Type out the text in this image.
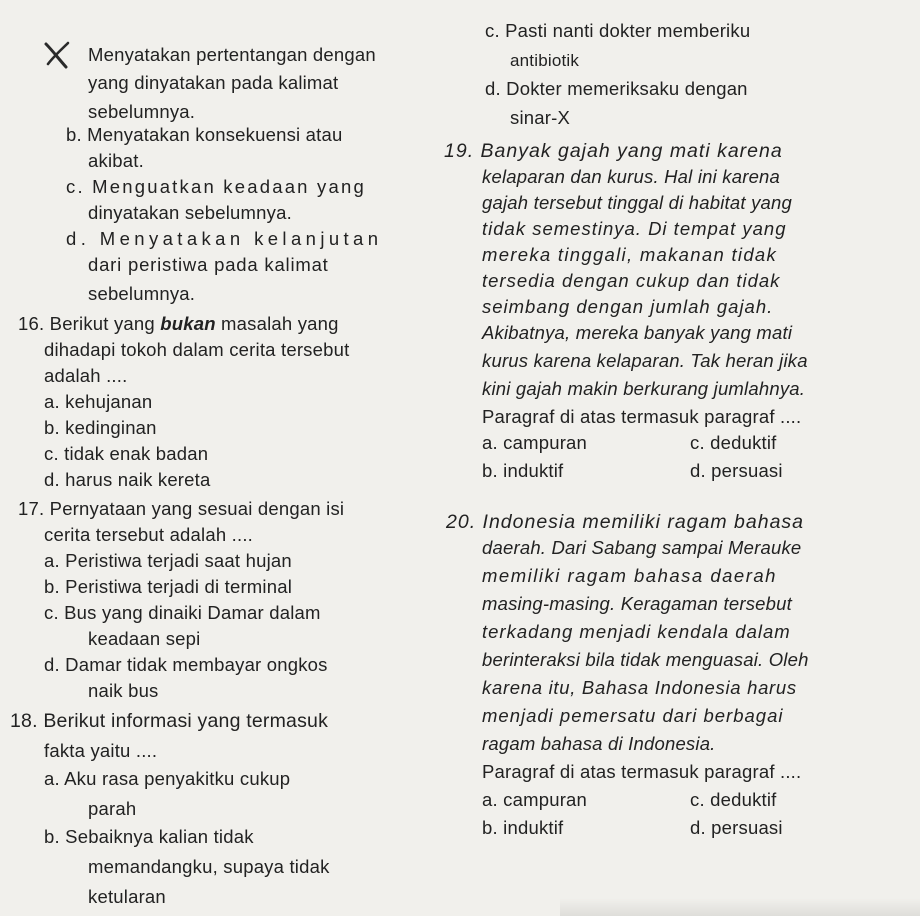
Menyatakan pertentangan dengan
yang dinyatakan pada kalimat
sebelumnya.
b. Menyatakan konsekuensi atau
akibat.
c. Menguatkan keadaan yang
dinyatakan sebelumnya.
d. Menyatakan kelanjutan
dari peristiwa pada kalimat
sebelumnya.
16. Berikut yang bukan masalah yang
dihadapi tokoh dalam cerita tersebut
adalah ....
a. kehujanan
b. kedinginan
c. tidak enak badan
d. harus naik kereta
17. Pernyataan yang sesuai dengan isi
cerita tersebut adalah ....
a. Peristiwa terjadi saat hujan
b. Peristiwa terjadi di terminal
c. Bus yang dinaiki Damar dalam
keadaan sepi
d. Damar tidak membayar ongkos
naik bus
18. Berikut informasi yang termasuk
fakta yaitu ....
a. Aku rasa penyakitku cukup
parah
b. Sebaiknya kalian tidak
memandangku, supaya tidak
ketularan
c. Pasti nanti dokter memberiku
antibiotik
d. Dokter memeriksaku dengan
sinar-X
19. Banyak gajah yang mati karena
kelaparan dan kurus. Hal ini karena
gajah tersebut tinggal di habitat yang
tidak semestinya. Di tempat yang
mereka tinggali, makanan tidak
tersedia dengan cukup dan tidak
seimbang dengan jumlah gajah.
Akibatnya, mereka banyak yang mati
kurus karena kelaparan. Tak heran jika
kini gajah makin berkurang jumlahnya.
Paragraf di atas termasuk paragraf ....
a. campuran	c. deduktif
b. induktif	d. persuasi
20. Indonesia memiliki ragam bahasa
daerah. Dari Sabang sampai Merauke
memiliki ragam bahasa daerah
masing-masing. Keragaman tersebut
terkadang menjadi kendala dalam
berinteraksi bila tidak menguasai. Oleh
karena itu, Bahasa Indonesia harus
menjadi pemersatu dari berbagai
ragam bahasa di Indonesia.
Paragraf di atas termasuk paragraf ....
a. campuran	c. deduktif
b. induktif	d. persuasi
